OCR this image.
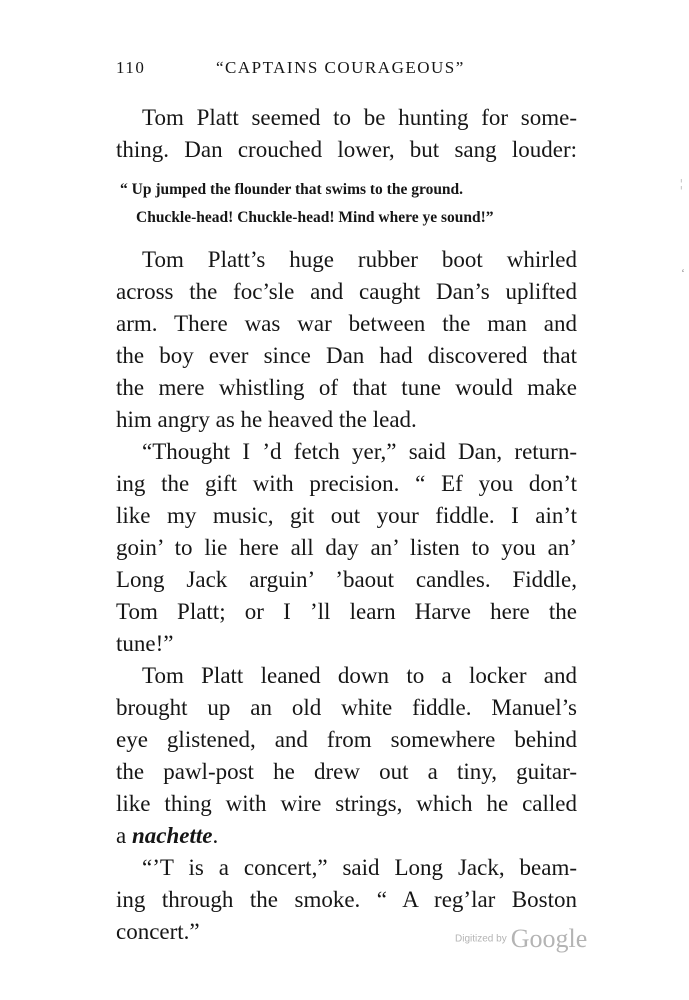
110	“CAPTAINS COURAGEOUS”
Tom Platt seemed to be hunting for some-
thing. Dan crouched lower, but sang louder:
“ Up jumped the flounder that swims to the ground.
Chuckle-head! Chuckle-head! Mind where ye sound!”
Tom Platt’s huge rubber boot whirled
across the foc’sle and caught Dan’s uplifted
arm. There was war between the man and
the boy ever since Dan had discovered that
the mere whistling of that tune would make
him angry as he heaved the lead.
“Thought I ’d fetch yer,” said Dan, return-
ing the gift with precision. “ Ef you don’t
like my music, git out your fiddle. I ain’t
goin’ to lie here all day an’ listen to you an’
Long Jack arguin’ ’baout candles. Fiddle,
Tom Platt; or I ’ll learn Harve here the
tune!”
Tom Platt leaned down to a locker and
brought up an old white fiddle. Manuel’s
eye glistened, and from somewhere behind
the pawl-post he drew out a tiny, guitar-
like thing with wire strings, which he called
a nachette.
“’T is a concert,” said Long Jack, beam-
ing through the smoke. “ A reg’lar Boston
concert.”
¦
‘
Digitized by Google
